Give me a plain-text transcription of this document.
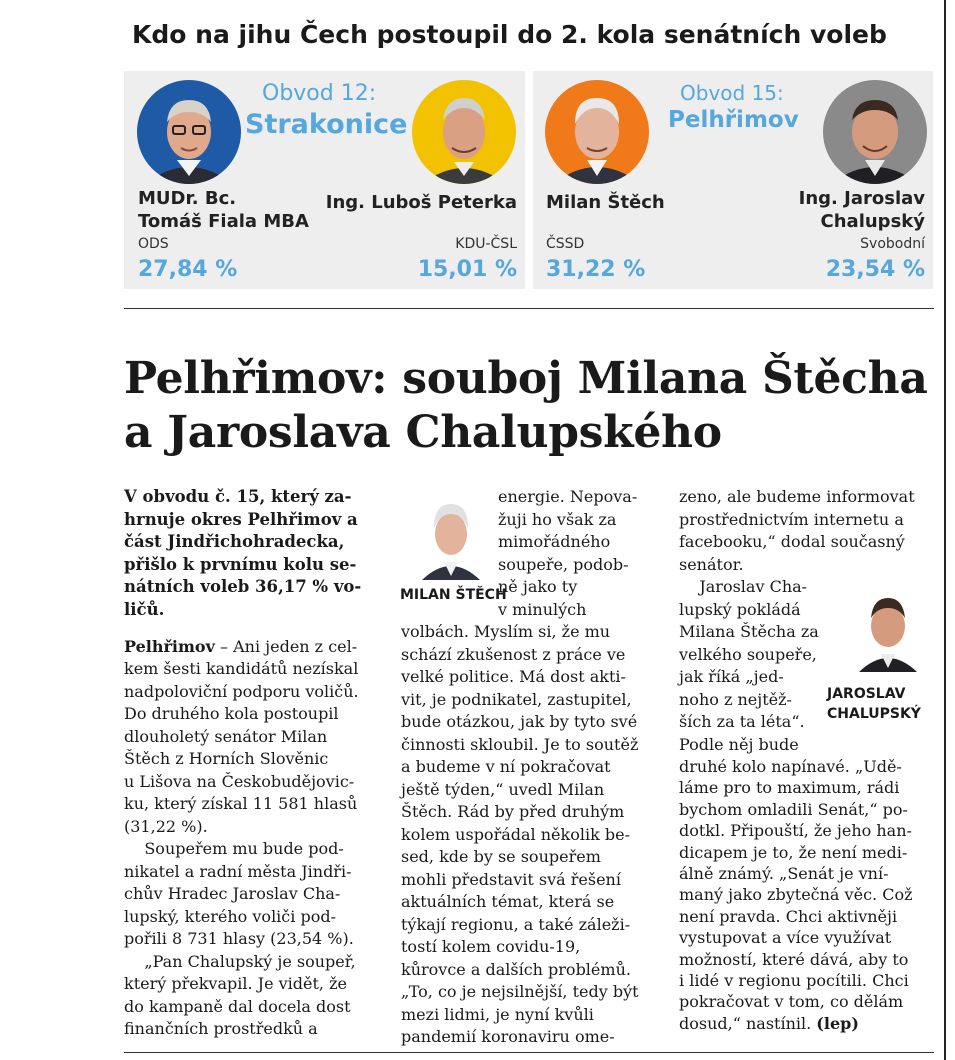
Kdo na jihu Čech postoupil do 2. kola senátních voleb
Obvod 12:
Strakonice
MUDr. Bc.
Tomáš Fiala MBA
Ing. Luboš Peterka
ODS	KDU-ČSL
27,84 %	15,01 %
Obvod 15:
Pelhřimov
Milan Štěch	Ing. Jaroslav
Chalupský
ČSSD	Svobodní
31,22 %	23,54 %
Pelhřimov: souboj Milana Štěcha
a Jaroslava Chalupského
V obvodu č. 15, který za-
hrnuje okres Pelhřimov a
část Jindřichohradecka,
přišlo k prvnímu kolu se-
nátních voleb 36,17 % vo-
ličů.
Pelhřimov – Ani jeden z cel-
kem šesti kandidátů nezískal
nadpoloviční podporu voličů.
Do druhého kola postoupil
dlouholetý senátor Milan
Štěch z Horních Slověnic
u Lišova na Českobudějovic-
ku, který získal 11 581 hlasů
(31,22 %).
Soupeřem mu bude pod-
nikatel a radní města Jindři-
chův Hradec Jaroslav Cha-
lupský, kterého voliči pod-
pořili 8 731 hlasy (23,54 %).
„Pan Chalupský je soupeř,
který překvapil. Je vidět, že
do kampaně dal docela dost
finančních prostředků a
MILAN ŠTĚCH
energie. Nepova-
žuji ho však za
mimořádného
soupeře, podob-
ně jako ty
v minulých
volbách. Myslím si, že mu
schází zkušenost z práce ve
velké politice. Má dost akti-
vit, je podnikatel, zastupitel,
bude otázkou, jak by tyto své
činnosti skloubil. Je to soutěž
a budeme v ní pokračovat
ještě týden,“ uvedl Milan
Štěch. Rád by před druhým
kolem uspořádal několik be-
sed, kde by se soupeřem
mohli představit svá řešení
aktuálních témat, která se
týkají regionu, a také záleži-
tostí kolem covidu-19,
kůrovce a dalších problémů.
„To, co je nejsilnější, tedy být
mezi lidmi, je nyní kvůli
pandemií koronaviru ome-
zeno, ale budeme informovat
prostřednictvím internetu a
facebooku,“ dodal současný
senátor.
JAROSLAV
CHALUPSKÝ
Jaroslav Cha-
lupský pokládá
Milana Štěcha za
velkého soupeře,
jak říká „jed-
noho z nejtěž-
ších za ta léta“.
Podle něj bude
druhé kolo napínavé. „Udě-
láme pro to maximum, rádi
bychom omladili Senát,“ po-
dotkl. Připouští, že jeho han-
dicapem je to, že není medi-
álně známý. „Senát je vní-
maný jako zbytečná věc. Což
není pravda. Chci aktivněji
vystupovat a více využívat
možností, které dává, aby to
i lidé v regionu pocítili. Chci
pokračovat v tom, co dělám
dosud,“ nastínil. (lep)
